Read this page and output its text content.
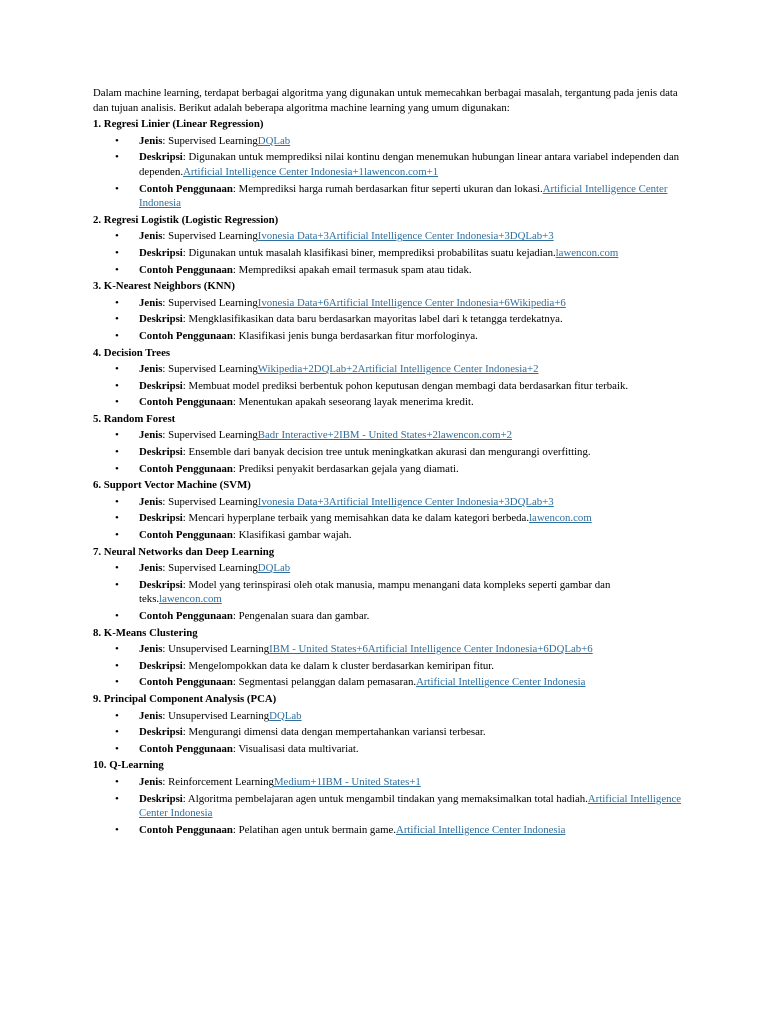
Dalam machine learning, terdapat berbagai algoritma yang digunakan untuk memecahkan berbagai masalah, tergantung pada jenis data dan tujuan analisis. Berikut adalah beberapa algoritma machine learning yang umum digunakan:

1. Regresi Linier (Linear Regression)
• Jenis: Supervised LearningDQLab
• Deskripsi: Digunakan untuk memprediksi nilai kontinu dengan menemukan hubungan linear antara variabel independen dan dependen.Artificial Intelligence Center Indonesia+1lawencon.com+1
• Contoh Penggunaan: Memprediksi harga rumah berdasarkan fitur seperti ukuran dan lokasi.Artificial Intelligence Center Indonesia
2. Regresi Logistik (Logistic Regression)
• Jenis: Supervised LearningIvonesia Data+3Artificial Intelligence Center Indonesia+3DQLab+3
• Deskripsi: Digunakan untuk masalah klasifikasi biner, memprediksi probabilitas suatu kejadian.lawencon.com
• Contoh Penggunaan: Memprediksi apakah email termasuk spam atau tidak.
3. K-Nearest Neighbors (KNN)
• Jenis: Supervised LearningIvonesia Data+6Artificial Intelligence Center Indonesia+6Wikipedia+6
• Deskripsi: Mengklasifikasikan data baru berdasarkan mayoritas label dari k tetangga terdekatnya.
• Contoh Penggunaan: Klasifikasi jenis bunga berdasarkan fitur morfologinya.
4. Decision Trees
• Jenis: Supervised LearningWikipedia+2DQLab+2Artificial Intelligence Center Indonesia+2
• Deskripsi: Membuat model prediksi berbentuk pohon keputusan dengan membagi data berdasarkan fitur terbaik.
• Contoh Penggunaan: Menentukan apakah seseorang layak menerima kredit.
5. Random Forest
• Jenis: Supervised LearningBadr Interactive+2IBM - United States+2lawencon.com+2
• Deskripsi: Ensemble dari banyak decision tree untuk meningkatkan akurasi dan mengurangi overfitting.
• Contoh Penggunaan: Prediksi penyakit berdasarkan gejala yang diamati.
6. Support Vector Machine (SVM)
• Jenis: Supervised LearningIvonesia Data+3Artificial Intelligence Center Indonesia+3DQLab+3
• Deskripsi: Mencari hyperplane terbaik yang memisahkan data ke dalam kategori berbeda.lawencon.com
• Contoh Penggunaan: Klasifikasi gambar wajah.
7. Neural Networks dan Deep Learning
• Jenis: Supervised LearningDQLab
• Deskripsi: Model yang terinspirasi oleh otak manusia, mampu menangani data kompleks seperti gambar dan teks.lawencon.com
• Contoh Penggunaan: Pengenalan suara dan gambar.
8. K-Means Clustering
• Jenis: Unsupervised LearningIBM - United States+6Artificial Intelligence Center Indonesia+6DQLab+6
• Deskripsi: Mengelompokkan data ke dalam k cluster berdasarkan kemiripan fitur.
• Contoh Penggunaan: Segmentasi pelanggan dalam pemasaran.Artificial Intelligence Center Indonesia
9. Principal Component Analysis (PCA)
• Jenis: Unsupervised LearningDQLab
• Deskripsi: Mengurangi dimensi data dengan mempertahankan variansi terbesar.
• Contoh Penggunaan: Visualisasi data multivariat.
10. Q-Learning
• Jenis: Reinforcement LearningMedium+1IBM - United States+1
• Deskripsi: Algoritma pembelajaran agen untuk mengambil tindakan yang memaksimalkan total hadiah.Artificial Intelligence Center Indonesia
• Contoh Penggunaan: Pelatihan agen untuk bermain game.Artificial Intelligence Center Indonesia
